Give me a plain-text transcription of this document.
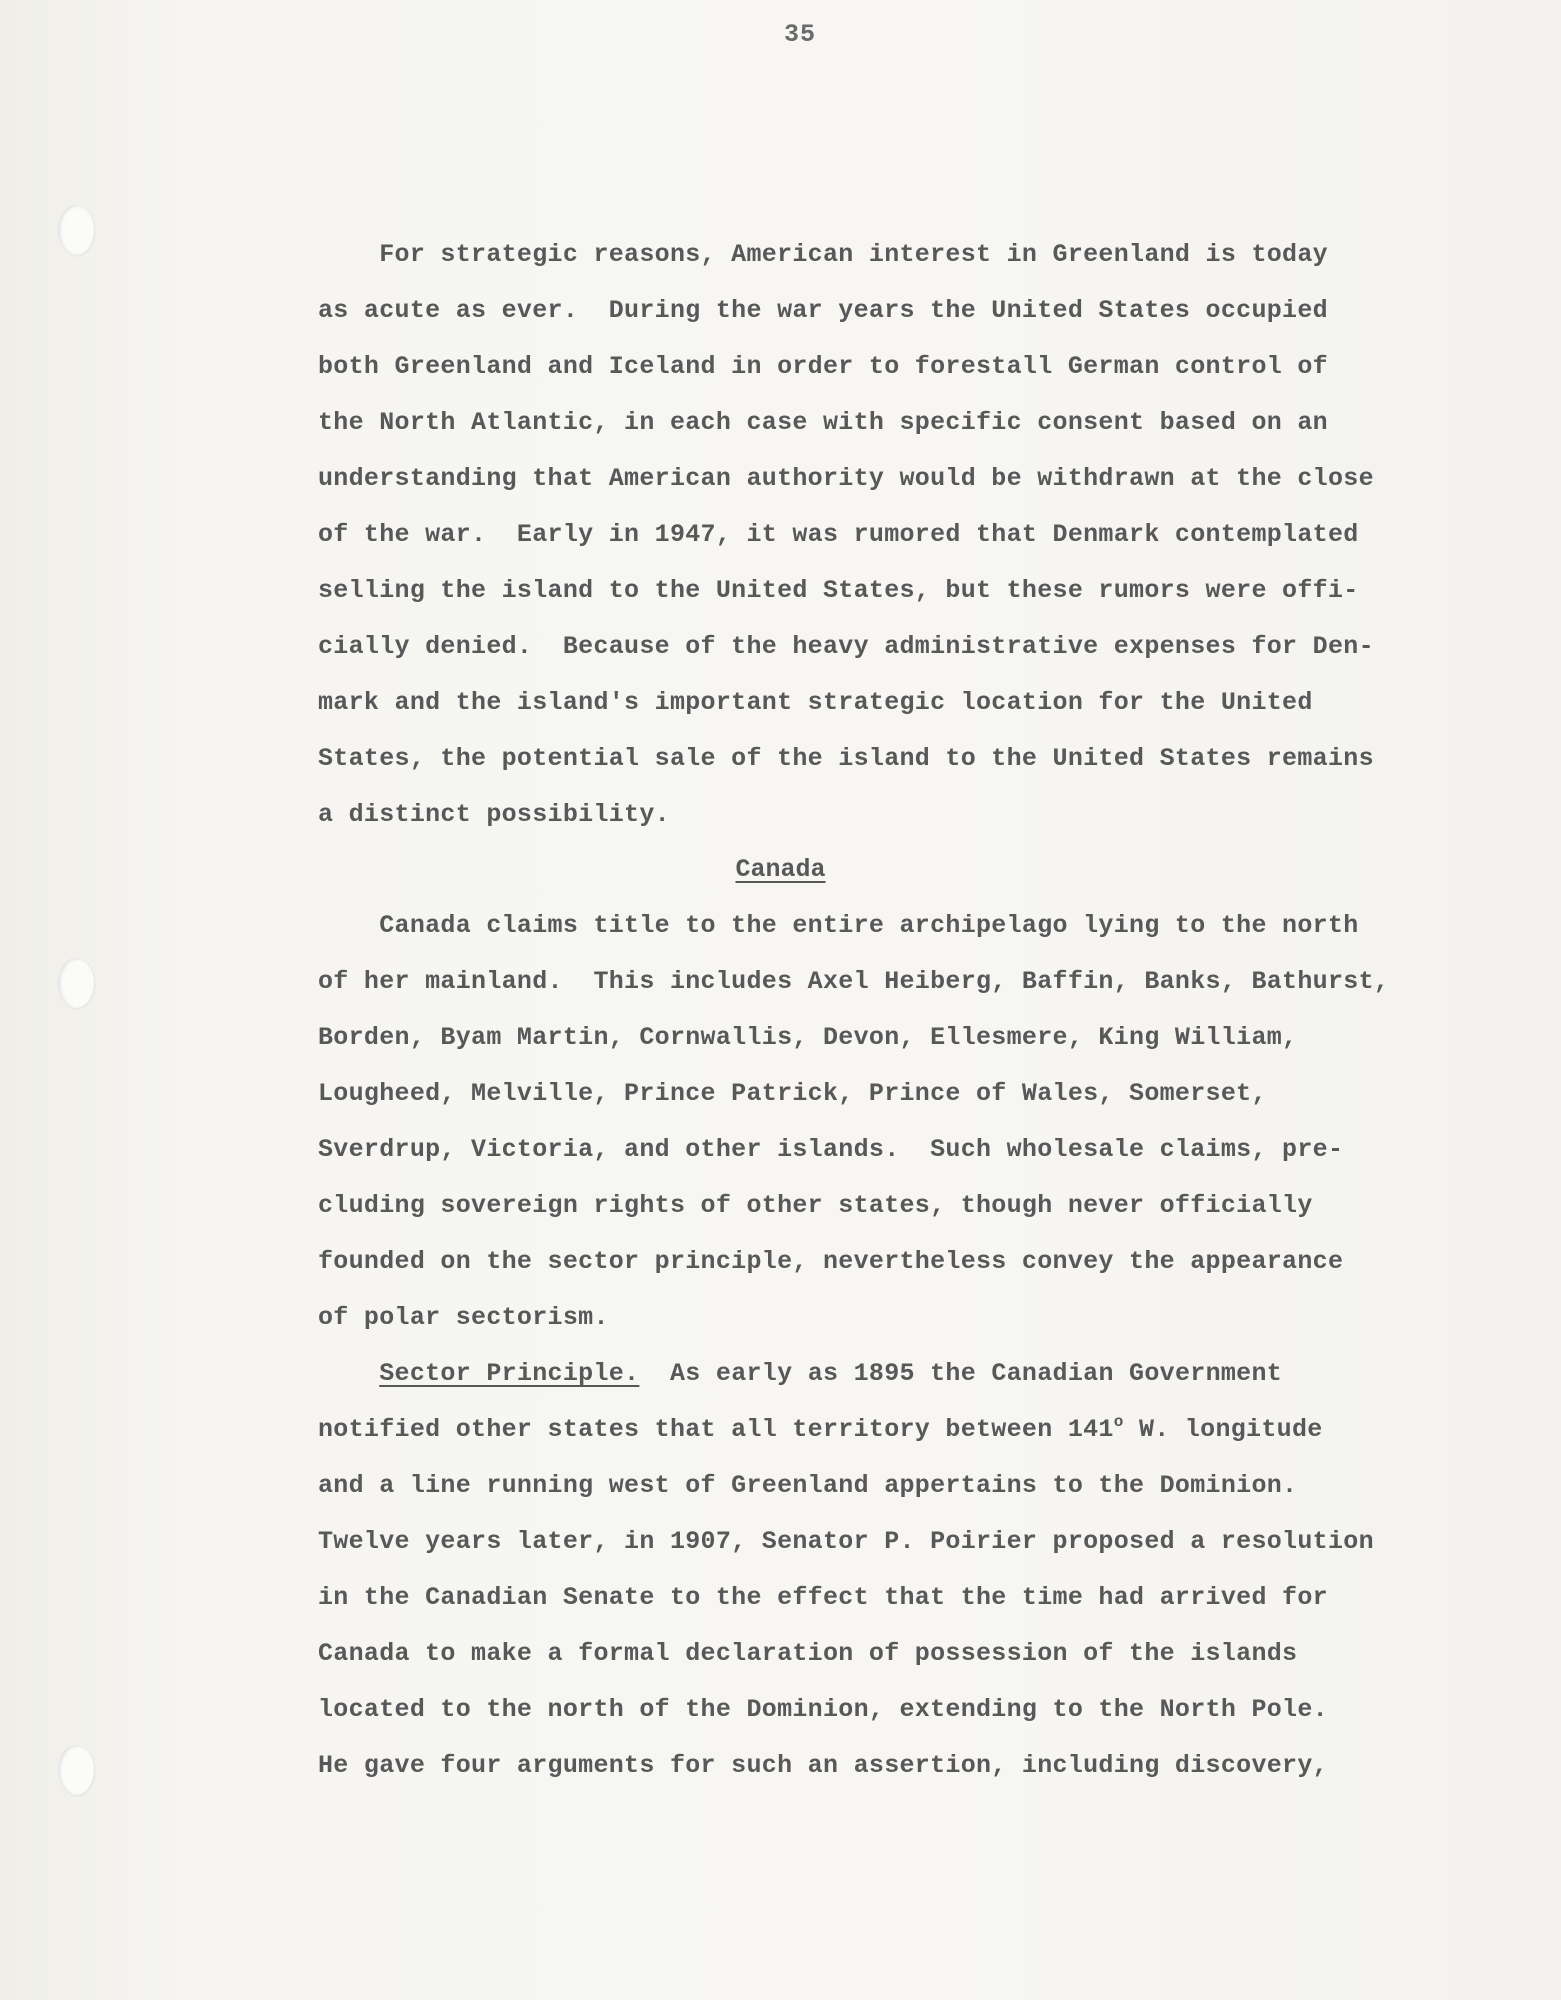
35
For strategic reasons, American interest in Greenland is today
as acute as ever.  During the war years the United States occupied
both Greenland and Iceland in order to forestall German control of
the North Atlantic, in each case with specific consent based on an
understanding that American authority would be withdrawn at the close
of the war.  Early in 1947, it was rumored that Denmark contemplated
selling the island to the United States, but these rumors were offi-
cially denied.  Because of the heavy administrative expenses for Den-
mark and the island's important strategic location for the United
States, the potential sale of the island to the United States remains
a distinct possibility.
Canada
Canada claims title to the entire archipelago lying to the north
of her mainland.  This includes Axel Heiberg, Baffin, Banks, Bathurst,
Borden, Byam Martin, Cornwallis, Devon, Ellesmere, King William,
Lougheed, Melville, Prince Patrick, Prince of Wales, Somerset,
Sverdrup, Victoria, and other islands.  Such wholesale claims, pre-
cluding sovereign rights of other states, though never officially
founded on the sector principle, nevertheless convey the appearance
of polar sectorism.
Sector Principle.  As early as 1895 the Canadian Government
notified other states that all territory between 141$^o$ W. longitude
and a line running west of Greenland appertains to the Dominion.
Twelve years later, in 1907, Senator P. Poirier proposed a resolution
in the Canadian Senate to the effect that the time had arrived for
Canada to make a formal declaration of possession of the islands
located to the north of the Dominion, extending to the North Pole.
He gave four arguments for such an assertion, including discovery,
